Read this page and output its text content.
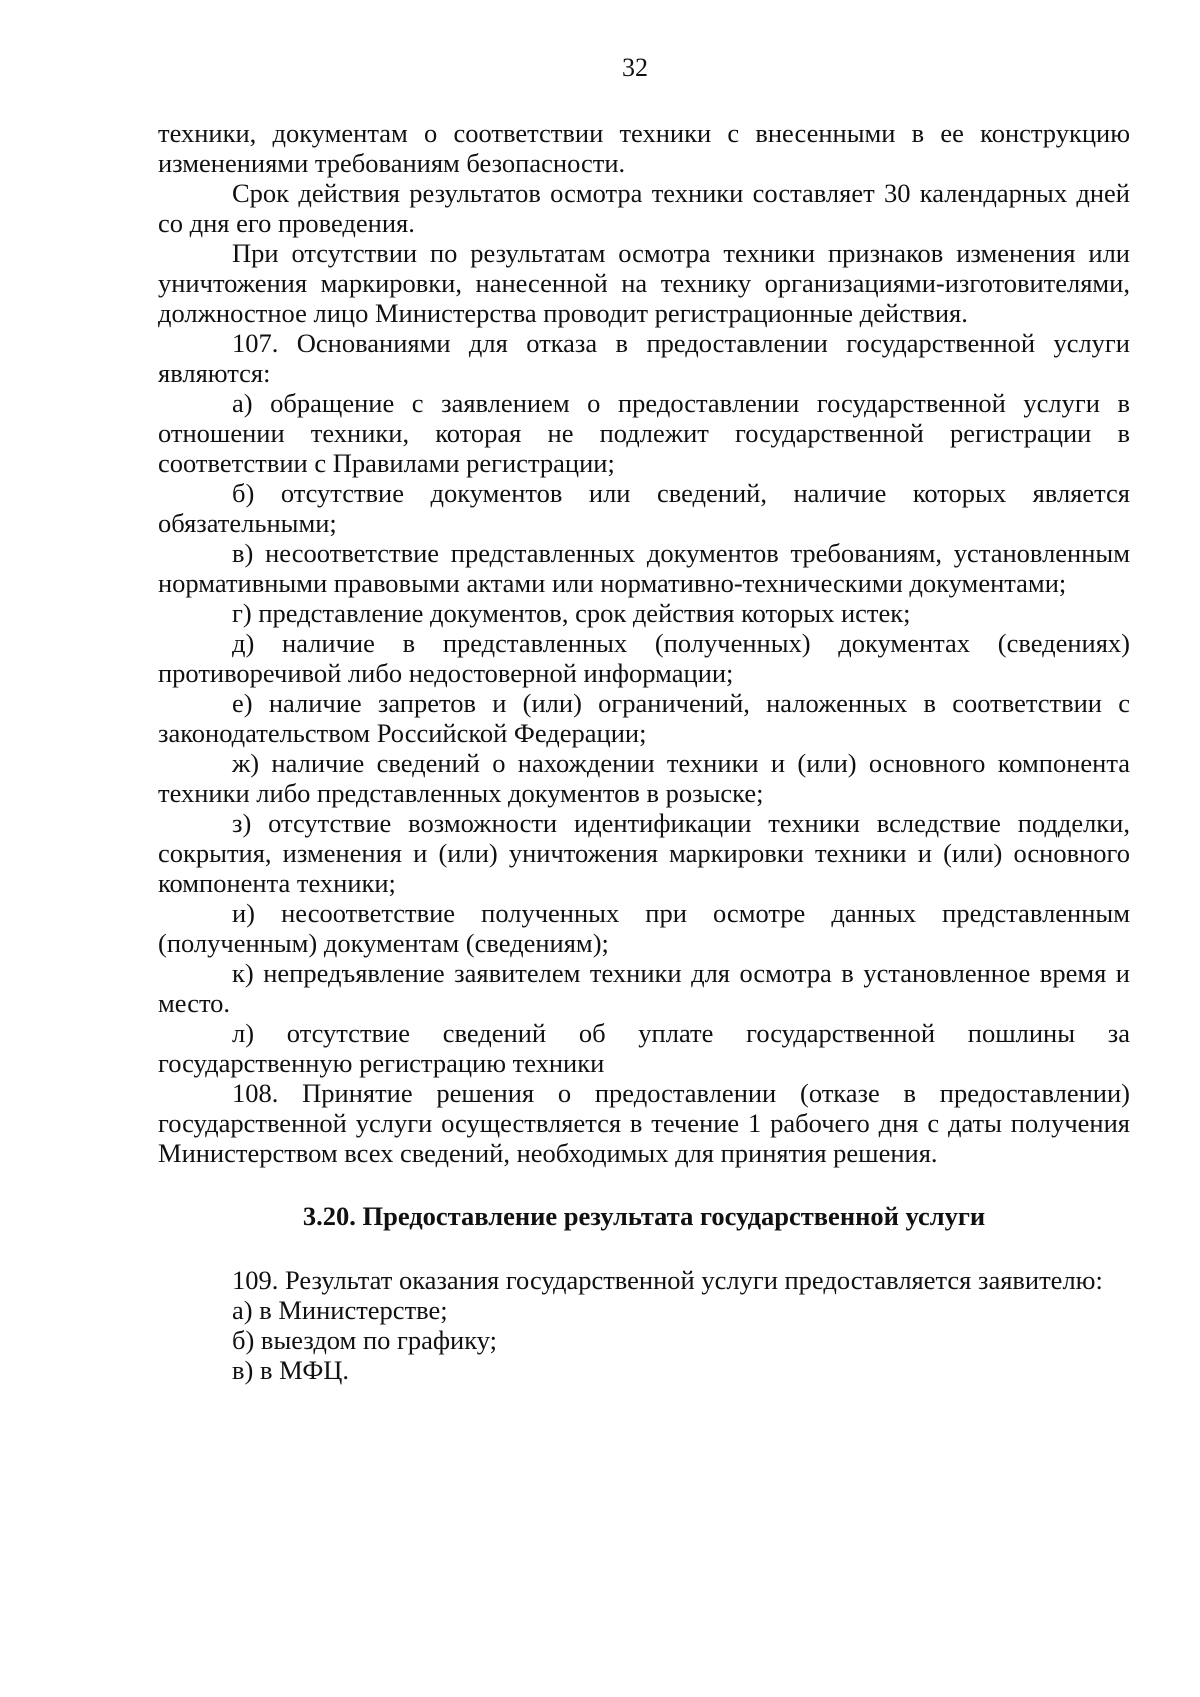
32

техники, документам о соответствии техники с внесенными в ее конструкцию изменениями требованиям безопасности.

Срок действия результатов осмотра техники составляет 30 календарных дней со дня его проведения.

При отсутствии по результатам осмотра техники признаков изменения или уничтожения маркировки, нанесенной на технику организациями-изготовителями, должностное лицо Министерства проводит регистрационные действия.

107. Основаниями для отказа в предоставлении государственной услуги являются:

а) обращение с заявлением о предоставлении государственной услуги в отношении техники, которая не подлежит государственной регистрации в соответствии с Правилами регистрации;

б) отсутствие документов или сведений, наличие которых является обязательными;

в) несоответствие представленных документов требованиям, установленным нормативными правовыми актами или нормативно-техническими документами;

г) представление документов, срок действия которых истек;

д) наличие в представленных (полученных) документах (сведениях) противоречивой либо недостоверной информации;

е) наличие запретов и (или) ограничений, наложенных в соответствии с законодательством Российской Федерации;

ж) наличие сведений о нахождении техники и (или) основного компонента техники либо представленных документов в розыске;

з) отсутствие возможности идентификации техники вследствие подделки, сокрытия, изменения и (или) уничтожения маркировки техники и (или) основного компонента техники;

и) несоответствие полученных при осмотре данных представленным (полученным) документам (сведениям);

к) непредъявление заявителем техники для осмотра в установленное время и место.

л) отсутствие сведений об уплате государственной пошлины за государственную регистрацию техники

108. Принятие решения о предоставлении (отказе в предоставлении) государственной услуги осуществляется в течение 1 рабочего дня с даты получения Министерством всех сведений, необходимых для принятия решения.

3.20. Предоставление результата государственной услуги

109. Результат оказания государственной услуги предоставляется заявителю:

а) в Министерстве;

б) выездом по графику;

в) в МФЦ.
